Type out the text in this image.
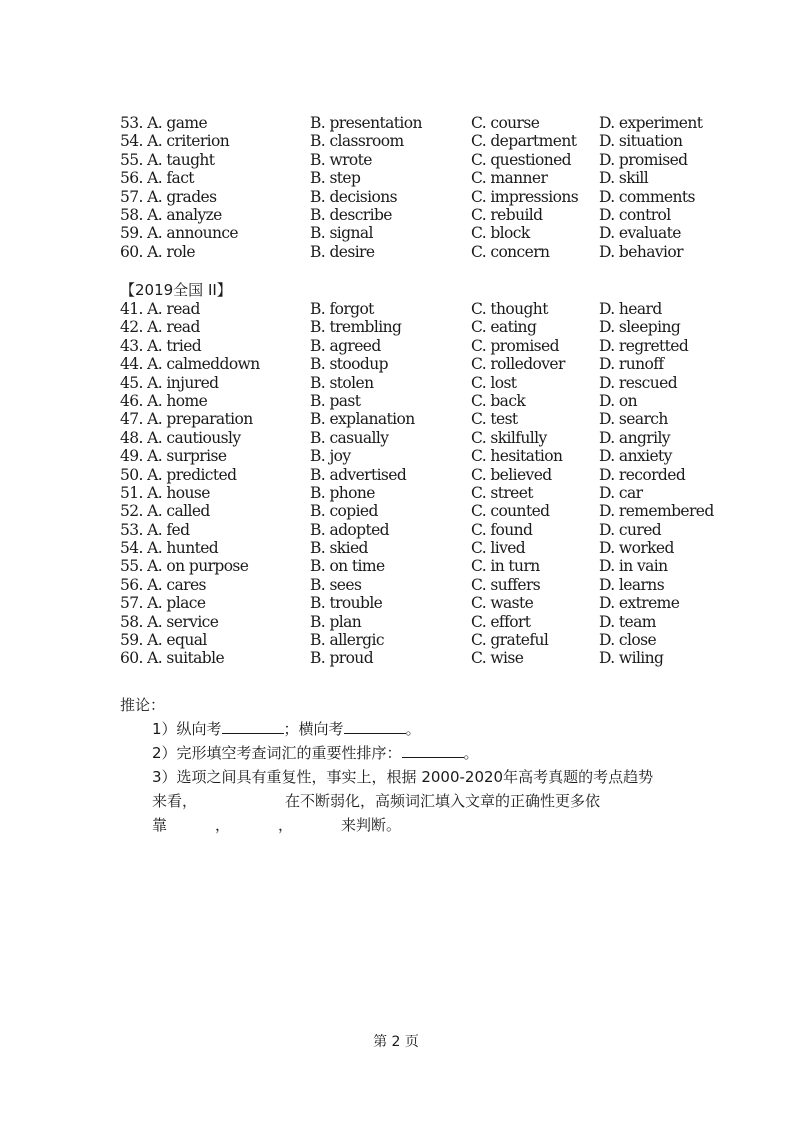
53. A. game	B. presentation	C. course	D. experiment
54. A. criterion	B. classroom	C. department D. situation
55. A. taught	B. wrote	C. questioned D. promised
56. A. fact	B. step	C. manner	D. skill
57. A. grades	B. decisions	C. impressions D. comments
58. A. analyze	B. describe	C. rebuild	D. control
59. A. announce	B. signal	C. block	D. evaluate
60. A. role	B. desire	C. concern	D. behavior
【2019全国 II】
41. A. read	B. forgot	C. thought	D. heard
42. A. read	B. trembling	C. eating	D. sleeping
43. A. tried	B. agreed	C. promised	D. regretted
44. A. calmeddown	B. stoodup	C. rolledover D. runoff
45. A. injured	B. stolen	C. lost	D. rescued
46. A. home	B. past	C. back	D. on
47. A. preparation	B. explanation	C. test	D. search
48. A. cautiously	B. casually	C. skilfully	D. angrily
49. A. surprise	B. joy	C. hesitation D. anxiety
50. A. predicted	B. advertised	C. believed	D. recorded
51. A. house	B. phone	C. street	D. car
52. A. called	B. copied	C. counted	D. remembered
53. A. fed	B. adopted	C. found	D. cured
54. A. hunted	B. skied	C. lived	D. worked
55. A. on purpose	B. on time	C. in turn	D. in vain
56. A. cares	B. sees	C. suffers	D. learns
57. A. place	B. trouble	C. waste	D. extreme
58. A. service	B. plan	C. effort	D. team
59. A. equal	B. allergic	C. grateful	D. close
60. A. suitable	B. proud	C. wise	D. wiling
推论：
1）纵向考	；横向考	。
2）完形填空考查词汇的重要性排序：	。
3）选项之间具有重复性，事实上，根据 2000-2020年高考真题的考点趋势
来看，	在不断弱化，高频词汇填入文章的正确性更多依
靠	，	，	来判断。
第 2 页
